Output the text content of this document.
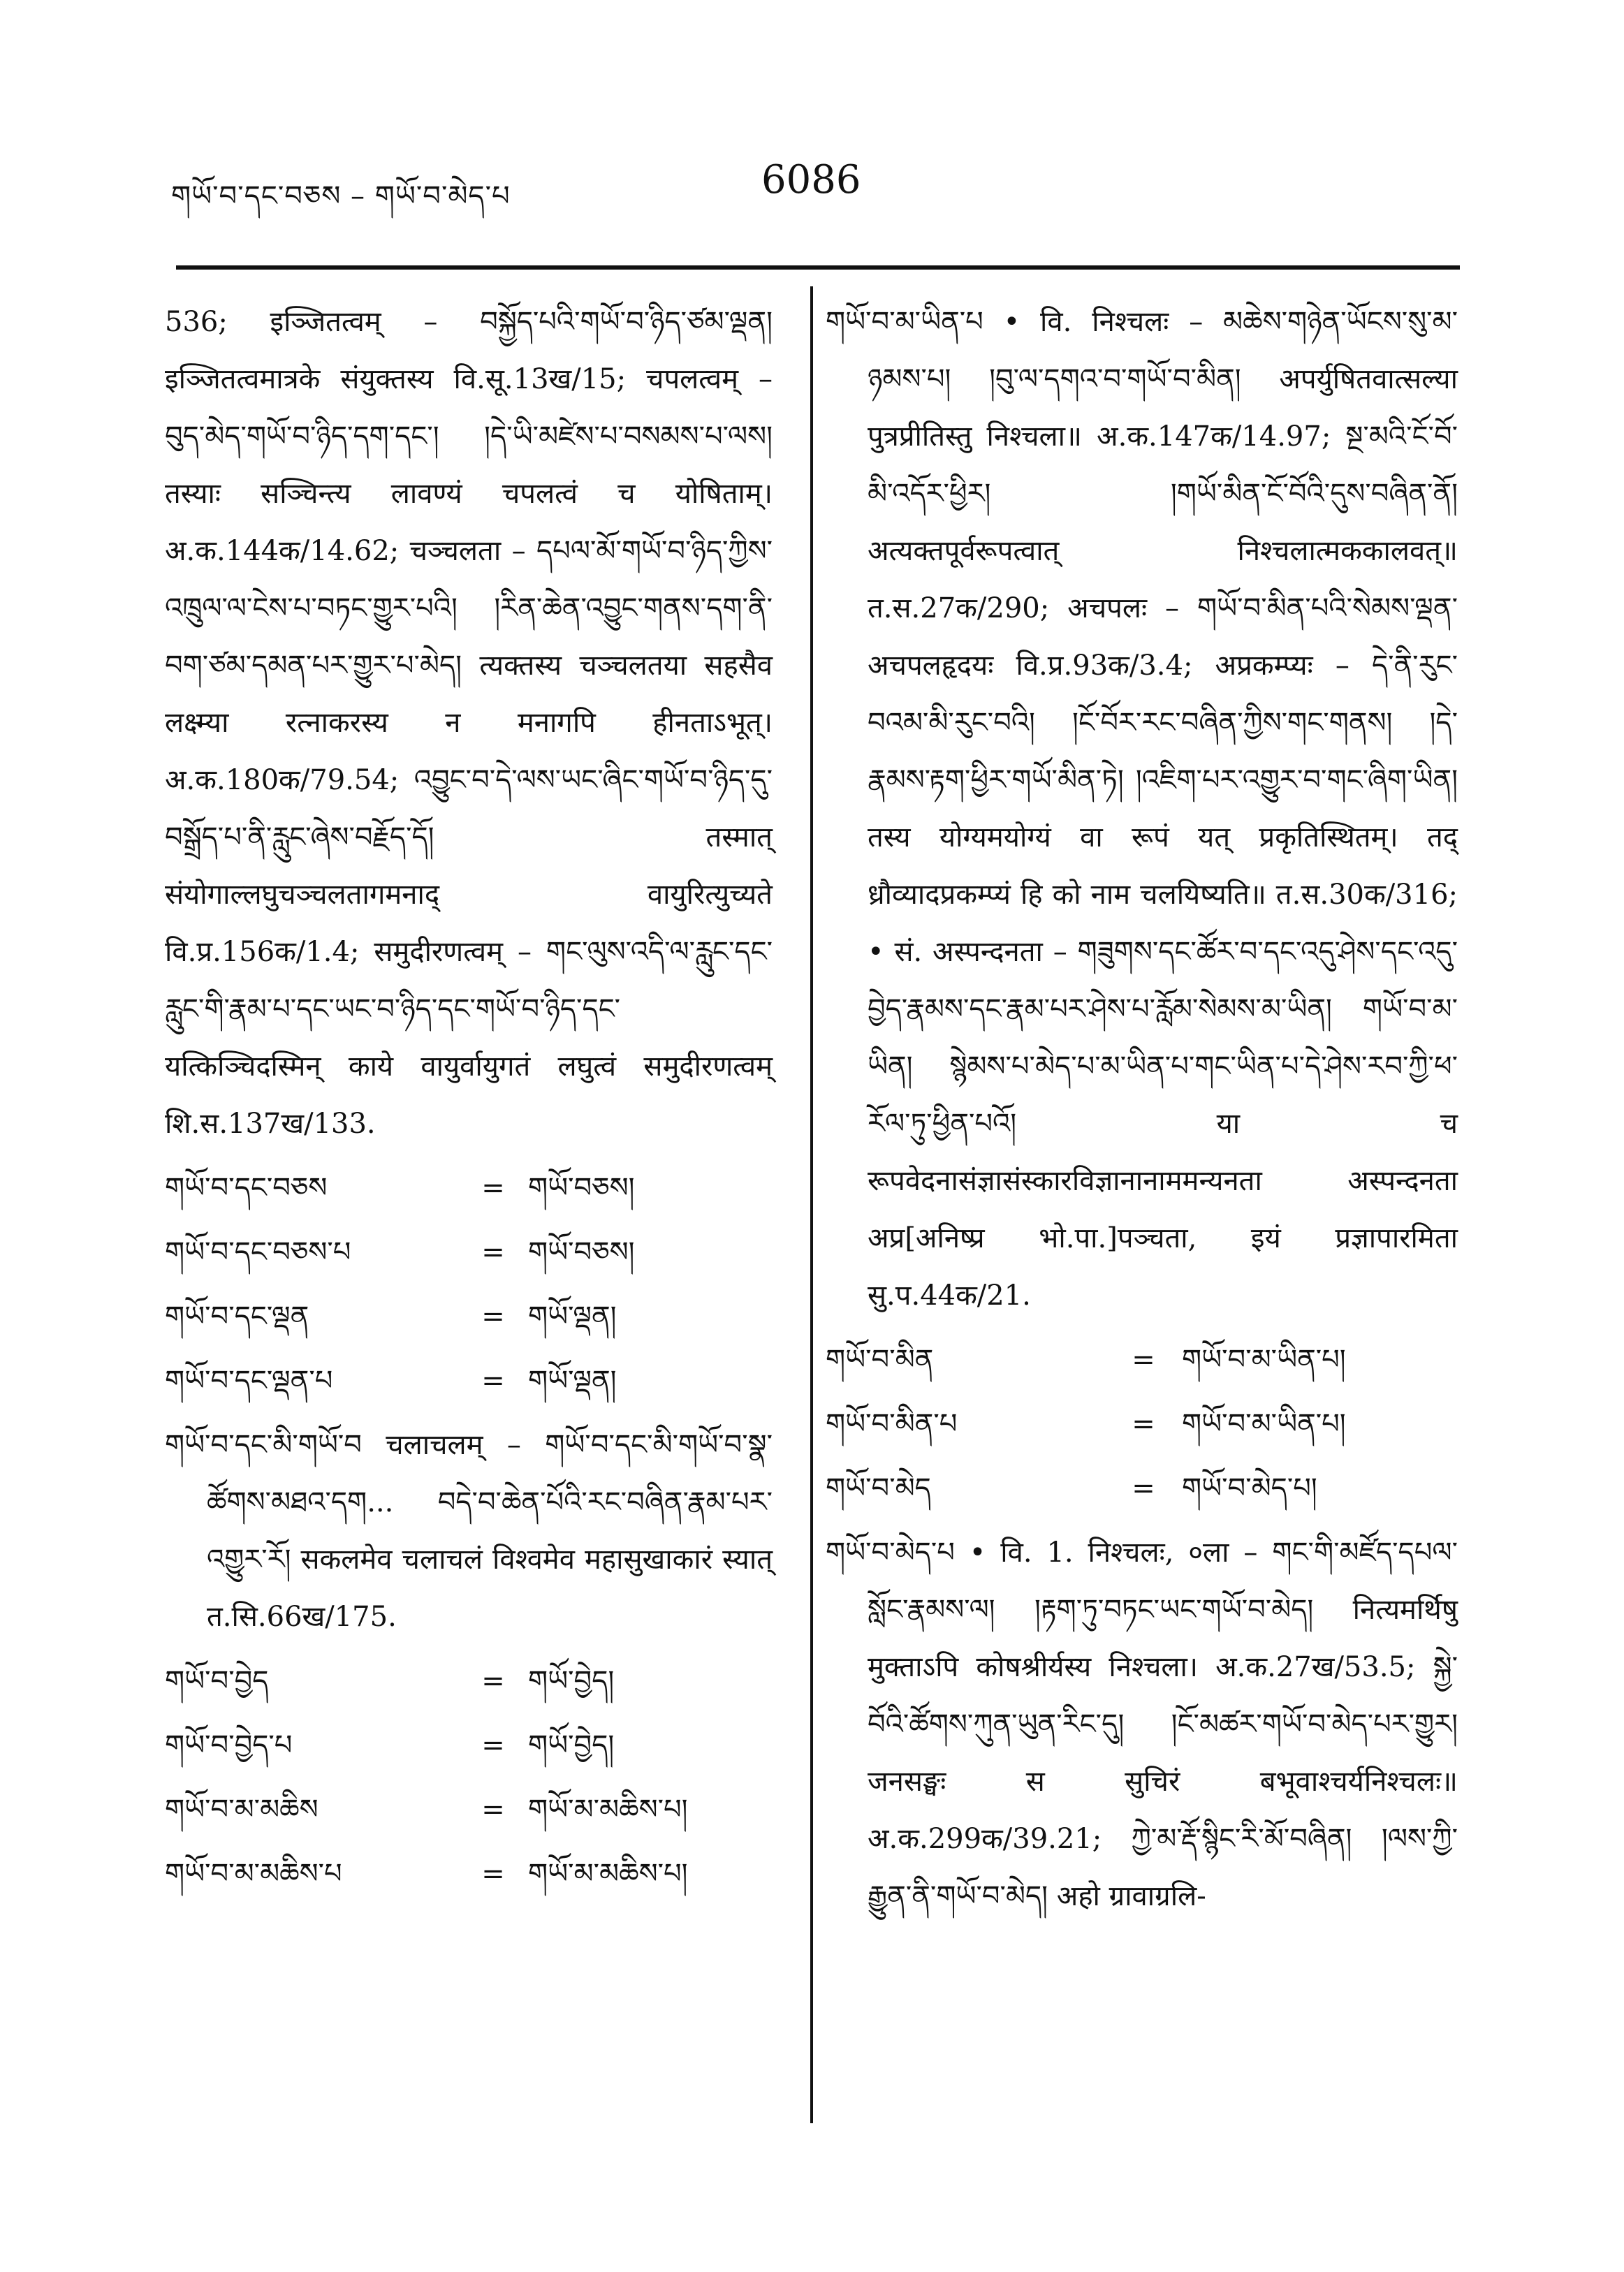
གཡོ་བ་དང་བཅས – གཡོ་བ་མེད་པ	6086

536; इञ्जितत्वम् – བསྐྱོད་པའི་གཡོ་བ་ཉིད་ཙམ་ལྡན། इञ्जितत्वमात्रके संयुक्तस्य वि.सू.13ख/15; चपलत्वम् – བུད་མེད་གཡོ་བ་ཉིད་དག་དང་། །དེ་ཡི་མཛེས་པ་བསམས་པ་ལས། तस्याः सञ्चिन्त्य लावण्यं चपलत्वं च योषिताम्। अ.क.144क/14.62; चञ्चलता – དཔལ་མོ་གཡོ་བ་ཉིད་ཀྱིས་འཁྲུལ་ལ་ངེས་པ་བཏང་གྱུར་པའི། །རིན་ཆེན་འབྱུང་གནས་དག་ནི་བག་ཙམ་དམན་པར་གྱུར་པ་མེད། त्यक्तस्य चञ्चलतया सहसैव लक्ष्म्या रत्नाकरस्य न मनागपि हीनताऽभूत्। अ.क.180क/79.54; འབྱུང་བ་དེ་ལས་ཡང་ཞིང་གཡོ་བ་ཉིད་དུ་བསྒྲོད་པ་ནི་རླུང་ཞེས་བརྗོད་དོ། तस्मात् संयोगाल्लघुचञ्चलतागमनाद् वायुरित्युच्यते वि.प्र.156क/1.4; समुदीरणत्वम् – གང་ལུས་འདི་ལ་རླུང་དང་རླུང་གི་རྣམ་པ་དང་ཡང་བ་ཉིད་དང་གཡོ་བ་ཉིད་དང་ यत्किञ्चिदस्मिन् काये वायुर्वायुगतं लघुत्वं समुदीरणत्वम् शि.स.137ख/133.

གཡོ་བ་དང་བཅས	= གཡོ་བཅས།
གཡོ་བ་དང་བཅས་པ	= གཡོ་བཅས།
གཡོ་བ་དང་ལྡན	= གཡོ་ལྡན།
གཡོ་བ་དང་ལྡན་པ	= གཡོ་ལྡན།

གཡོ་བ་དང་མི་གཡོ་བ चलाचलम् – གཡོ་བ་དང་མི་གཡོ་བ་སྣ་ཚོགས་མཐའ་དག... བདེ་བ་ཆེན་པོའི་རང་བཞིན་རྣམ་པར་འགྱུར་རོ། सकलमेव चलाचलं विश्वमेव महासुखाकारं स्यात् त.सि.66ख/175.

གཡོ་བ་བྱེད	= གཡོ་བྱེད།
གཡོ་བ་བྱེད་པ	= གཡོ་བྱེད།
གཡོ་བ་མ་མཆིས	= གཡོ་མ་མཆིས་པ།
གཡོ་བ་མ་མཆིས་པ	= གཡོ་མ་མཆིས་པ།

གཡོ་བ་མ་ཡིན་པ • वि. निश्चलः – མཆེས་གཉེན་ཡོངས་སུ་མ་ཉམས་པ། །བུ་ལ་དགའ་བ་གཡོ་བ་མིན། अपर्युषितवात्सल्या पुत्रप्रीतिस्तु निश्चला॥ अ.क.147क/14.97; སྔ་མའི་ངོ་བོ་མི་འདོར་ཕྱིར། །གཡོ་མིན་ངོ་བོའི་དུས་བཞིན་ནོ། अत्यक्तपूर्वरूपत्वात् निश्चलात्मककालवत्॥ त.स.27क/290; अचपलः – གཡོ་བ་མིན་པའི་སེམས་ལྡན་ अचपलहृदयः वि.प्र.93क/3.4; अप्रकम्प्यः – དེ་ནི་རུང་བའམ་མི་རུང་བའི། །ངོ་བོར་རང་བཞིན་ཀྱིས་གང་གནས། །དེ་རྣམས་རྟག་ཕྱིར་གཡོ་མིན་ཏེ། །འཇིག་པར་འགྱུར་བ་གང་ཞིག་ཡིན། तस्य योग्यमयोग्यं वा रूपं यत् प्रकृतिस्थितम्। तद् ध्रौव्यादप्रकम्प्यं हि को नाम चलयिष्यति॥ त.स.30क/316; • सं. अस्पन्दनता – གཟུགས་དང་ཚོར་བ་དང་འདུ་ཤེས་དང་འདུ་བྱེད་རྣམས་དང་རྣམ་པར་ཤེས་པ་རློམ་སེམས་མ་ཡིན། གཡོ་བ་མ་ཡིན། སྙེམས་པ་མེད་པ་མ་ཡིན་པ་གང་ཡིན་པ་དེ་ཤེས་རབ་ཀྱི་ཕ་རོལ་ཏུ་ཕྱིན་པའོ། या च रूपवेदनासंज्ञासंस्कारविज्ञानानाममन्यनता अस्पन्दनता अप्र[अनिष्प्र भो.पा.]पञ्चता, इयं प्रज्ञापारमिता सु.प.44क/21.

གཡོ་བ་མིན	= གཡོ་བ་མ་ཡིན་པ།
གཡོ་བ་མིན་པ	= གཡོ་བ་མ་ཡིན་པ།
གཡོ་བ་མེད	= གཡོ་བ་མེད་པ།

གཡོ་བ་མེད་པ • वि. 1. निश्चलः, ०ला – གང་གི་མཛོད་དཔལ་སློང་རྣམས་ལ། །རྟག་ཏུ་བཏང་ཡང་གཡོ་བ་མེད། नित्यमर्थिषु मुक्ताऽपि कोषश्रीर्यस्य निश्चला। अ.क.27ख/53.5; སྐྱེ་བོའི་ཚོགས་ཀུན་ཡུན་རིང་དུ། །ངོ་མཚར་གཡོ་བ་མེད་པར་གྱུར། जनसङ्घः स सुचिरं बभूवाश्चर्यनिश्चलः॥ अ.क.299क/39.21; ཀྱེ་མ་རྡོ་སྙིང་རི་མོ་བཞིན། །ལས་ཀྱི་རྒྱུན་ནི་གཡོ་བ་མེད། अहो ग्रावाग्रलि-
